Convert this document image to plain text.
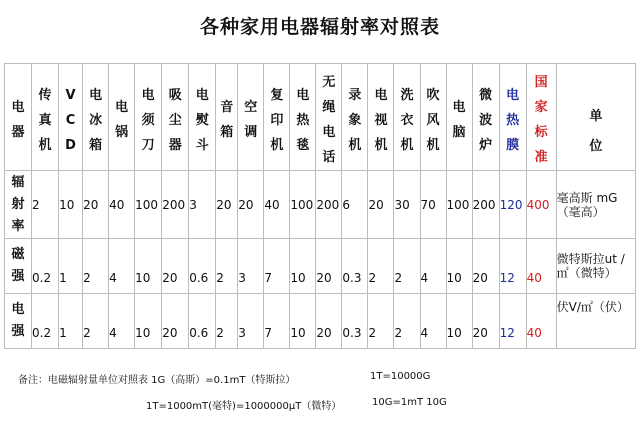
各种家用电器辐射率对照表
电器	传真机	VCD	电冰箱	电锅	电须刀	吸尘器	电熨斗	音箱	空调	复印机	电热毯	无绳电话	录象机	电视机	洗衣机	吹风机	电脑	微波炉	电热膜	国家标准	单位

辐射率	2	10	20	40	100	200	3	20	20	40	100	200	6	20	30	70	100	200	120	400	毫高斯 mG （毫高）

磁强	0.2	1	2	4	10	20	0.6	2	3	7	10	20	0.3	2	2	4	10	20	12	40	微特斯拉ut /㎡（微特）

电强	0.2	1	2	4	10	20	0.6	2	3	7	10	20	0.3	2	2	4	10	20	12	40	伏V/㎡（伏）
备注：电磁辐射量单位对照表 1G（高斯）=0.1mT（特斯拉）	1T=10000G
1T=1000mT(毫特)=1000000μT（微特）	10G=1mT 10G
